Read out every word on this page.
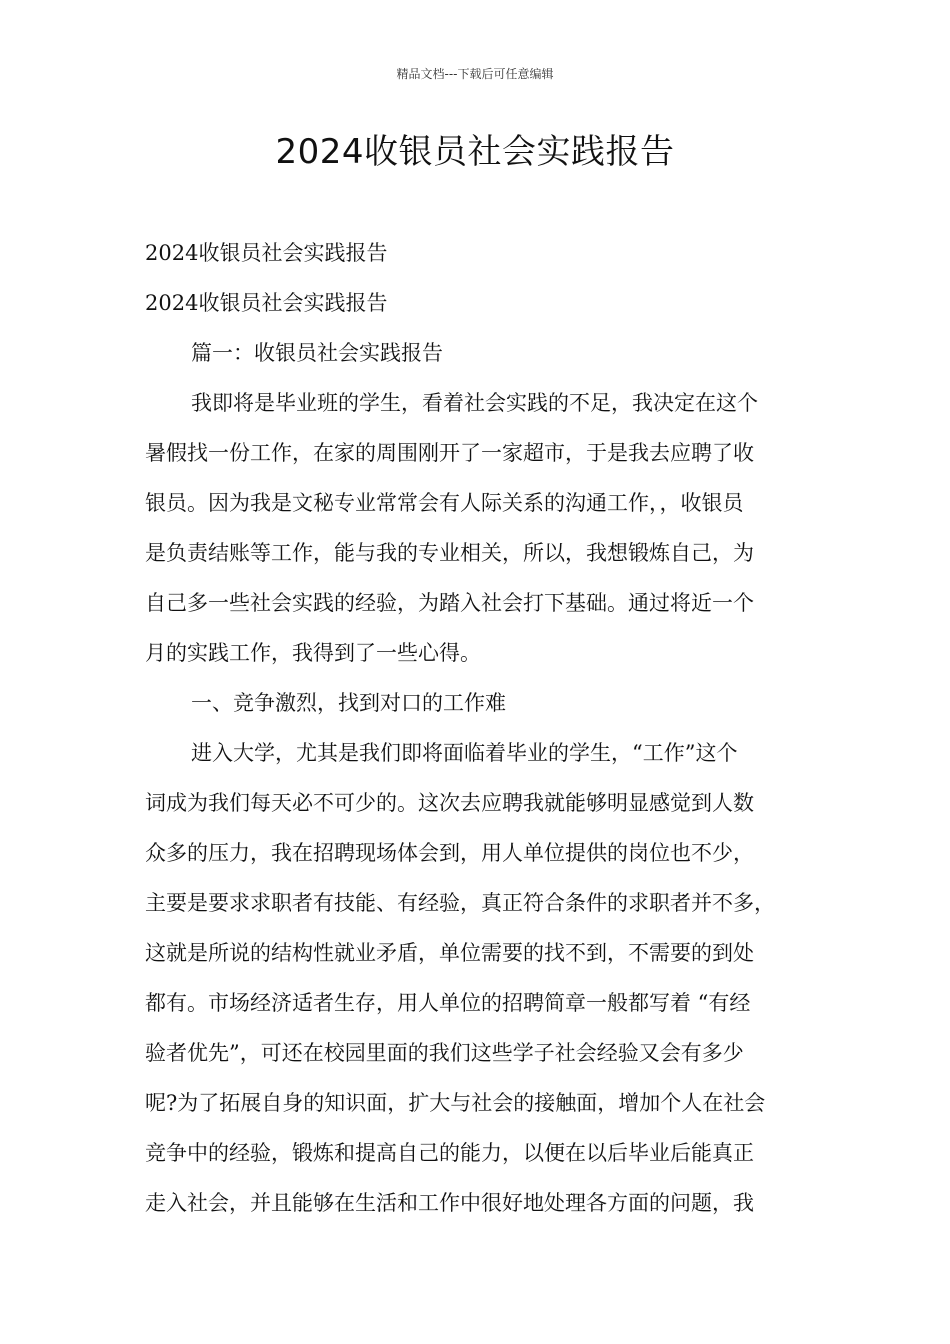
精品文档---下载后可任意编辑
2024收银员社会实践报告
2024收银员社会实践报告
2024收银员社会实践报告
篇一：收银员社会实践报告
我即将是毕业班的学生，看着社会实践的不足，我决定在这个
暑假找一份工作，在家的周围刚开了一家超市，于是我去应聘了收
银员。因为我是文秘专业常常会有人际关系的沟通工作，，收银员
是负责结账等工作，能与我的专业相关，所以，我想锻炼自己，为
自己多一些社会实践的经验，为踏入社会打下基础。通过将近一个
月的实践工作，我得到了一些心得。
一、竞争激烈，找到对口的工作难
进入大学，尤其是我们即将面临着毕业的学生，“工作”这个
词成为我们每天必不可少的。这次去应聘我就能够明显感觉到人数
众多的压力，我在招聘现场体会到，用人单位提供的岗位也不少，
主要是要求求职者有技能、有经验，真正符合条件的求职者并不多，
这就是所说的结构性就业矛盾，单位需要的找不到，不需要的到处
都有。市场经济适者生存，用人单位的招聘简章一般都写着 “有经
验者优先”，可还在校园里面的我们这些学子社会经验又会有多少
呢?为了拓展自身的知识面，扩大与社会的接触面，增加个人在社会
竞争中的经验，锻炼和提高自己的能力，以便在以后毕业后能真正
走入社会，并且能够在生活和工作中很好地处理各方面的问题，我
